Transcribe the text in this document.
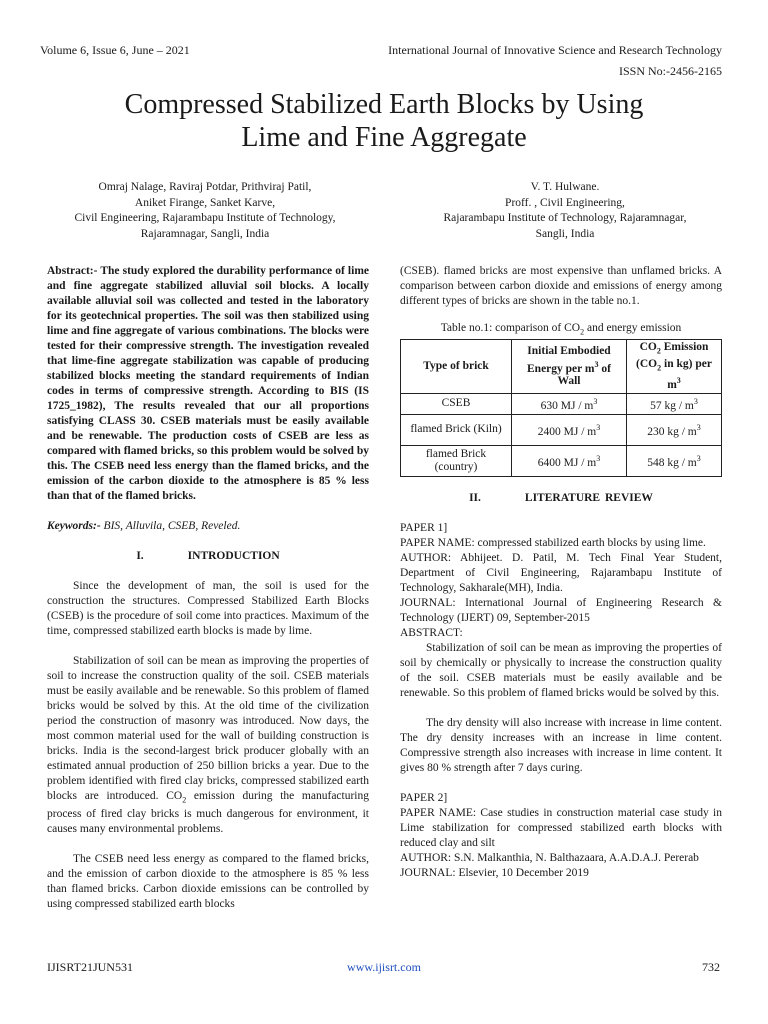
Volume 6, Issue 6, June – 2021	International Journal of Innovative Science and Research Technology
ISSN No:-2456-2165
Compressed Stabilized Earth Blocks by Using
Lime and Fine Aggregate
Omraj Nalage, Raviraj Potdar, Prithviraj Patil,
Aniket Firange, Sanket Karve,
Civil Engineering, Rajarambapu Institute of Technology,
Rajaramnagar, Sangli, India
V. T. Hulwane.
Proff. , Civil Engineering,
Rajarambapu Institute of Technology, Rajaramnagar,
Sangli, India

Abstract:- The study explored the durability performance of lime and fine aggregate stabilized alluvial soil blocks. A locally available alluvial soil was collected and tested in the laboratory for its geotechnical properties. The soil was then stabilized using lime and fine aggregate of various combinations. The blocks were tested for their compressive strength. The investigation revealed that lime-fine aggregate stabilization was capable of producing stabilized blocks meeting the standard requirements of Indian codes in terms of compressive strength. According to BIS (IS 1725_1982), The results revealed that our all proportions satisfying CLASS 30. CSEB materials must be easily available and be renewable. The production costs of CSEB are less as compared with flamed bricks, so this problem would be solved by this. The CSEB need less energy than the flamed bricks, and the emission of the carbon dioxide to the atmosphere is 85 % less than that of the flamed bricks.

Keywords:- BIS, Alluvila, CSEB, Reveled.

I.	INTRODUCTION

Since the development of man, the soil is used for the construction the structures. Compressed Stabilized Earth Blocks (CSEB) is the procedure of soil come into practices. Maximum of the time, compressed stabilized earth blocks is made by lime.

Stabilization of soil can be mean as improving the properties of soil to increase the construction quality of the soil. CSEB materials must be easily available and be renewable. So this problem of flamed bricks would be solved by this. At the old time of the civilization period the construction of masonry was introduced. Now days, the most common material used for the wall of building construction is bricks. India is the second-largest brick producer globally with an estimated annual production of 250 billion bricks a year. Due to the problem identified with fired clay bricks, compressed stabilized earth blocks are introduced. $CO_2$ emission during the manufacturing process of fired clay bricks is much dangerous for environment, it causes many environmental problems.

The CSEB need less energy as compared to the flamed bricks, and the emission of carbon dioxide to the atmosphere is 85 % less than flamed bricks. Carbon dioxide emissions can be controlled by using compressed stabilized earth blocks

(CSEB). flamed bricks are most expensive than unflamed bricks. A comparison between carbon dioxide and emissions of energy among different types of bricks are shown in the table no.1.

Table no.1: comparison of $CO_2$ and energy emission

Type of brick	Initial Embodied Energy per $m^3$ of Wall	$CO_2$ Emission ($CO_2$ in kg) per $m^3$
CSEB	630 MJ / $m^3$	57 kg / $m^3$
flamed Brick (Kiln)	2400 MJ / $m^3$	230 kg / $m^3$
flamed Brick (country)	6400 MJ / $m^3$	548 kg / $m^3$

II.	LITERATURE REVIEW

PAPER 1]

PAPER NAME: compressed stabilized earth blocks by using lime.

AUTHOR: Abhijeet. D. Patil, M. Tech Final Year Student, Department of Civil Engineering, Rajarambapu Institute of Technology, Sakharale(MH), India.

JOURNAL: International Journal of Engineering Research & Technology (IJERT) 09, September-2015

ABSTRACT:

Stabilization of soil can be mean as improving the properties of soil by chemically or physically to increase the construction quality of the soil. CSEB materials must be easily available and be renewable. So this problem of flamed bricks would be solved by this.

The dry density will also increase with increase in lime content. The dry density increases with an increase in lime content. Compressive strength also increases with increase in lime content. It gives 80 % strength after 7 days curing.

PAPER 2]

PAPER NAME: Case studies in construction material case study in Lime stabilization for compressed stabilized earth blocks with reduced clay and silt

AUTHOR: S.N. Malkanthia, N. Balthazaara, A.A.D.A.J. Pererab

JOURNAL: Elsevier, 10 December 2019

IJISRT21JUN531	www.ijisrt.com	732
